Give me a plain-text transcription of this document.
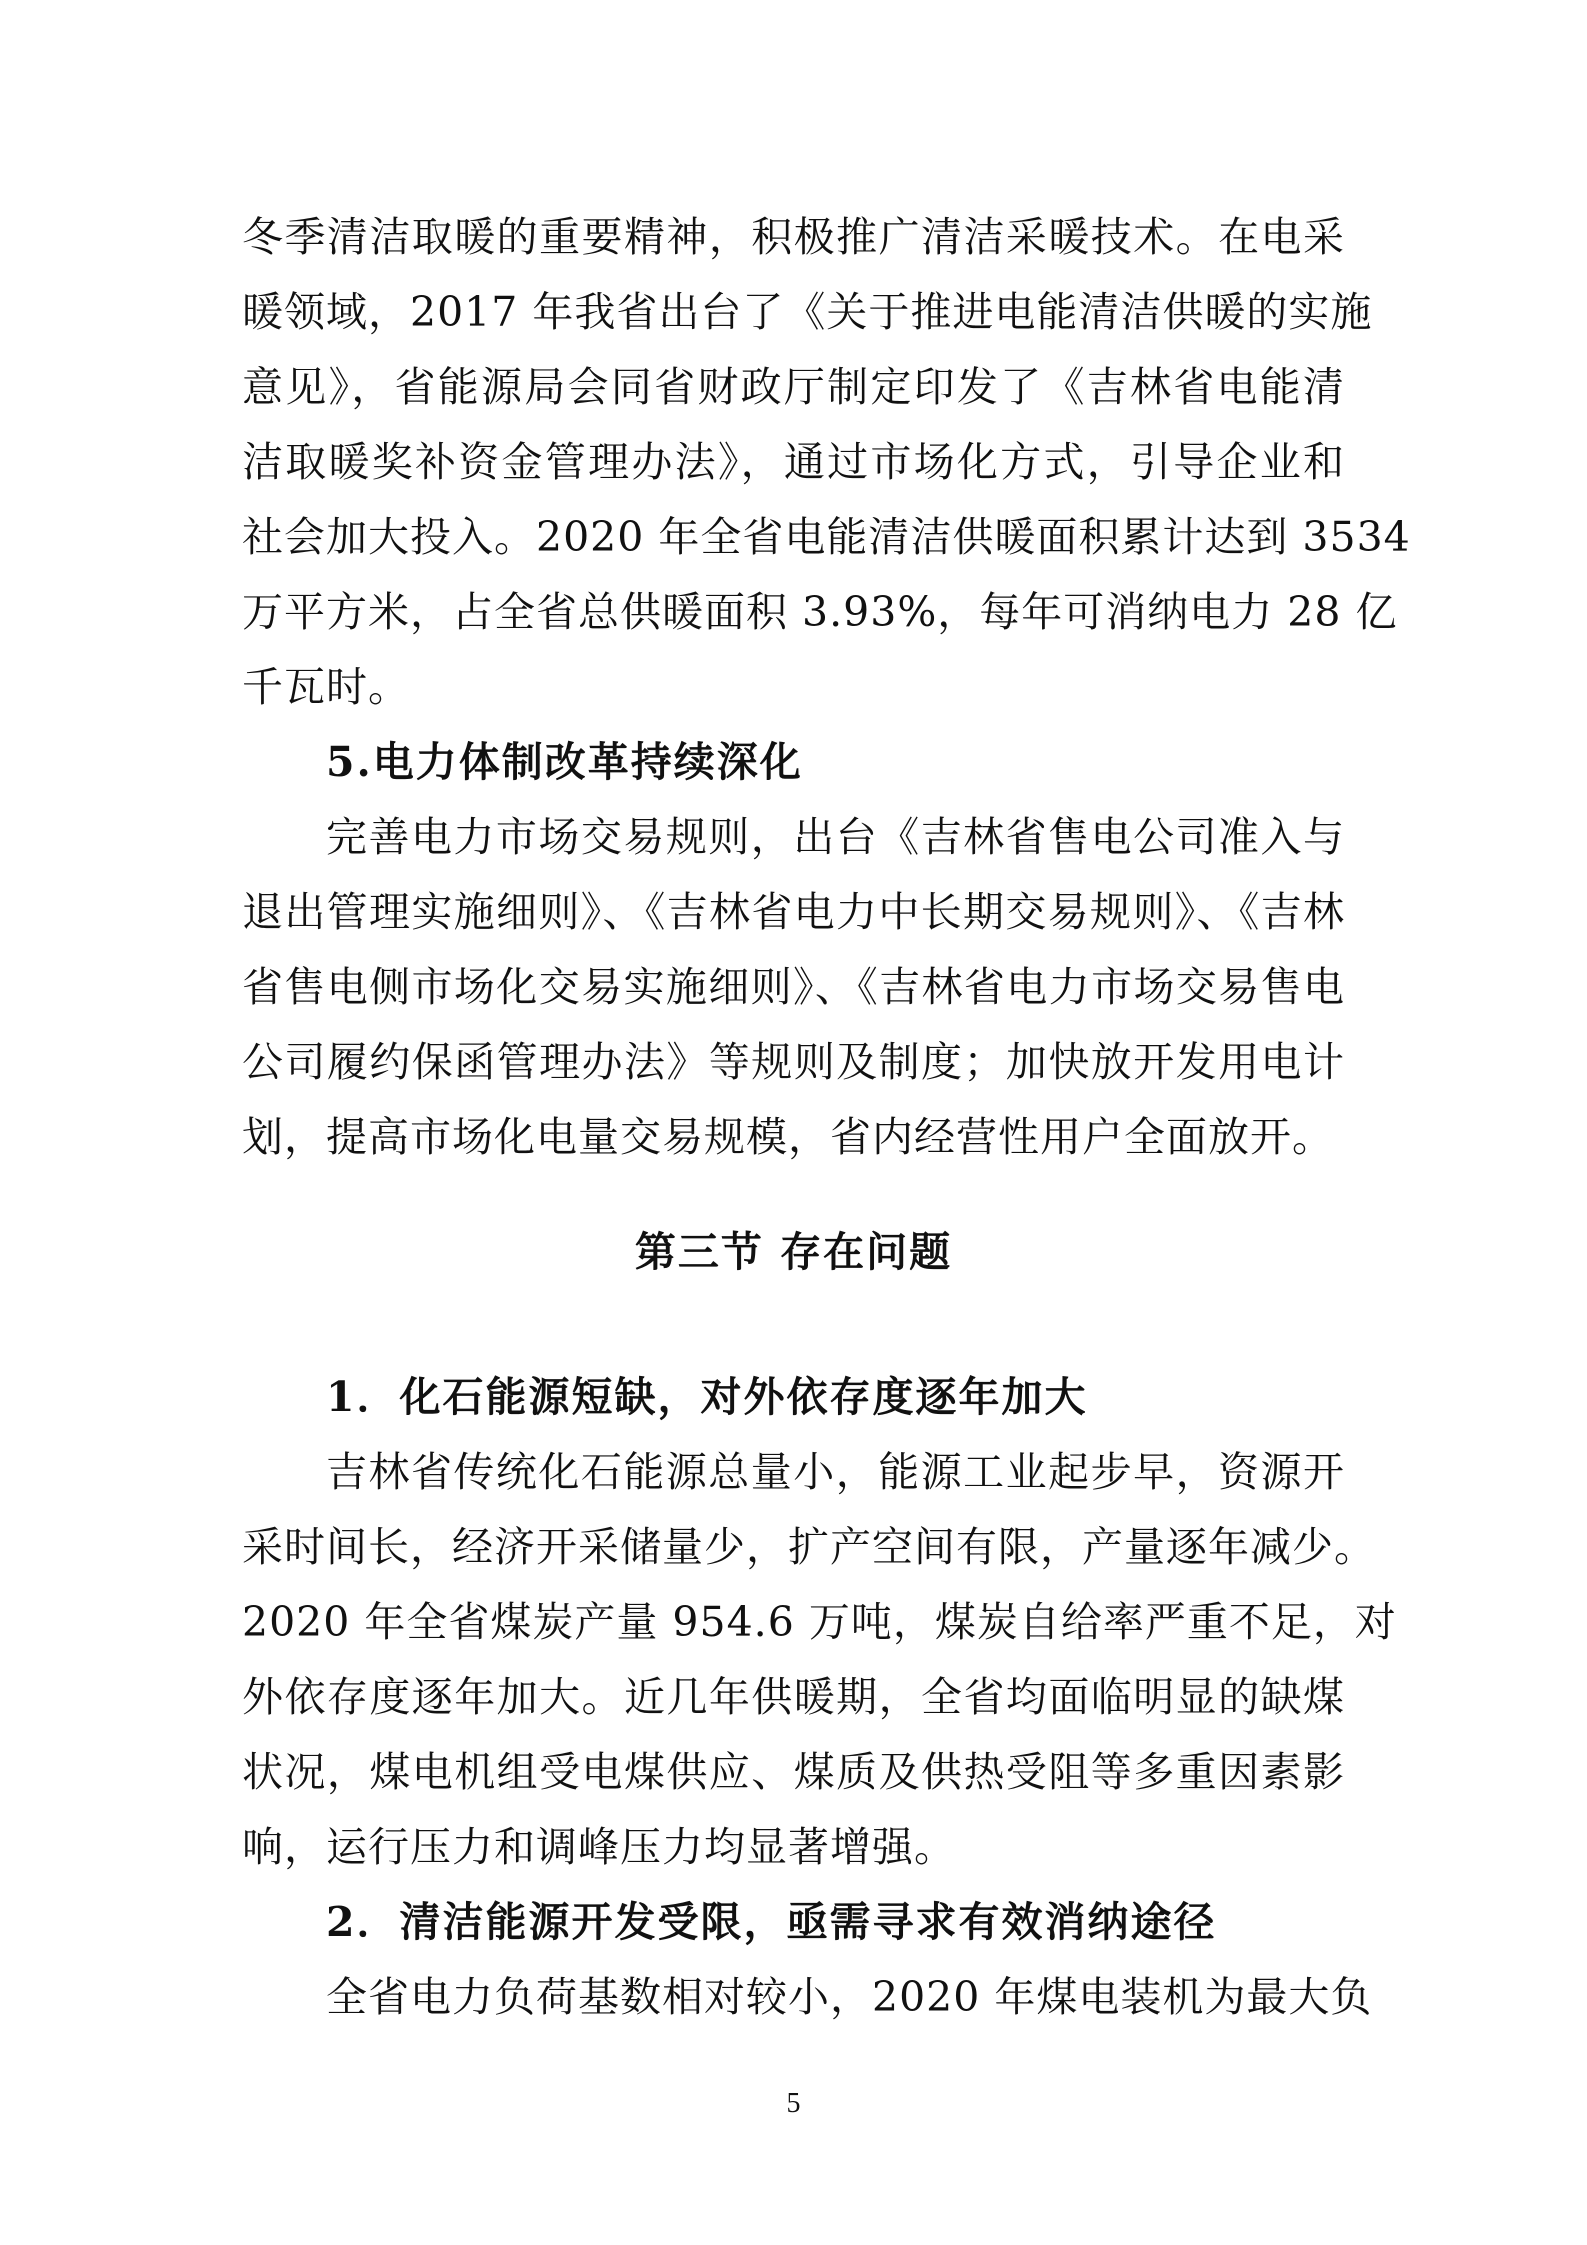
冬季清洁取暖的重要精神，积极推广清洁采暖技术。在电采
暖领域，2017 年我省出台了《关于推进电能清洁供暖的实施
意见》，省能源局会同省财政厅制定印发了《吉林省电能清
洁取暖奖补资金管理办法》，通过市场化方式，引导企业和
社会加大投入。2020 年全省电能清洁供暖面积累计达到 3534
万平方米，占全省总供暖面积 3.93%，每年可消纳电力 28 亿
千瓦时。
5.电力体制改革持续深化
完善电力市场交易规则，出台《吉林省售电公司准入与
退出管理实施细则》、《吉林省电力中长期交易规则》、《吉林
省售电侧市场化交易实施细则》、《吉林省电力市场交易售电
公司履约保函管理办法》等规则及制度；加快放开发用电计
划，提高市场化电量交易规模，省内经营性用户全面放开。
第三节 存在问题
1．化石能源短缺，对外依存度逐年加大
吉林省传统化石能源总量小，能源工业起步早，资源开
采时间长，经济开采储量少，扩产空间有限，产量逐年减少。
2020 年全省煤炭产量 954.6 万吨，煤炭自给率严重不足，对
外依存度逐年加大。近几年供暖期，全省均面临明显的缺煤
状况，煤电机组受电煤供应、煤质及供热受阻等多重因素影
响，运行压力和调峰压力均显著增强。
2．清洁能源开发受限，亟需寻求有效消纳途径
全省电力负荷基数相对较小，2020 年煤电装机为最大负
5
